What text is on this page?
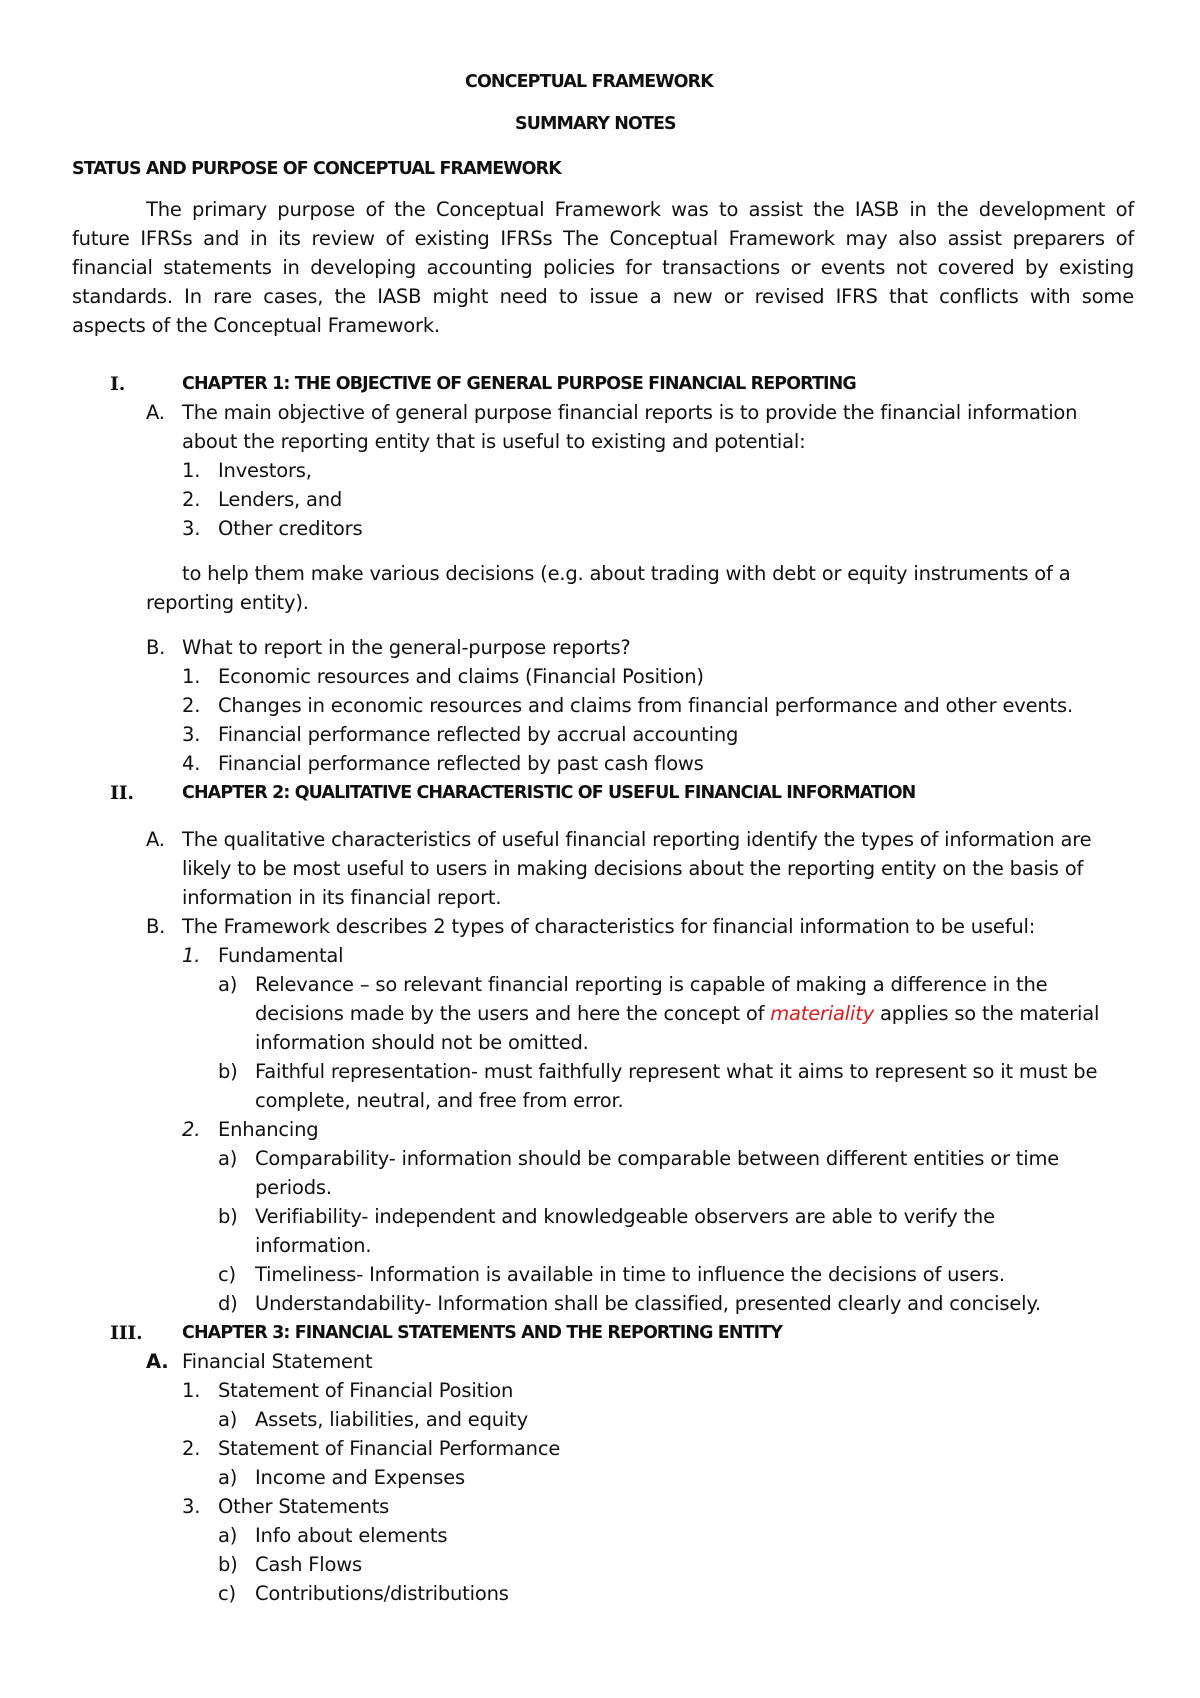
CONCEPTUAL FRAMEWORK
SUMMARY NOTES
STATUS AND PURPOSE OF CONCEPTUAL FRAMEWORK
The primary purpose of the Conceptual Framework was to assist the IASB in the development of
future IFRSs and in its review of existing IFRSs The Conceptual Framework may also assist preparers of
financial statements in developing accounting policies for transactions or events not covered by existing
standards. In rare cases, the IASB might need to issue a new or revised IFRS that conflicts with some
aspects of the Conceptual Framework.
I.	CHAPTER 1: THE OBJECTIVE OF GENERAL PURPOSE FINANCIAL REPORTING
A. The main objective of general purpose financial reports is to provide the financial information
about the reporting entity that is useful to existing and potential:
1. Investors,
2. Lenders, and
3. Other creditors
to help them make various decisions (e.g. about trading with debt or equity instruments of a
reporting entity).
B. What to report in the general-purpose reports?
1. Economic resources and claims (Financial Position)
2. Changes in economic resources and claims from financial performance and other events.
3. Financial performance reflected by accrual accounting
4. Financial performance reflected by past cash flows
II.	CHAPTER 2: QUALITATIVE CHARACTERISTIC OF USEFUL FINANCIAL INFORMATION
A. The qualitative characteristics of useful financial reporting identify the types of information are
likely to be most useful to users in making decisions about the reporting entity on the basis of
information in its financial report.
B. The Framework describes 2 types of characteristics for financial information to be useful:
1. Fundamental
a) Relevance – so relevant financial reporting is capable of making a difference in the
decisions made by the users and here the concept of materiality applies so the material
information should not be omitted.
b) Faithful representation- must faithfully represent what it aims to represent so it must be
complete, neutral, and free from error.
2. Enhancing
a) Comparability- information should be comparable between different entities or time
periods.
b) Verifiability- independent and knowledgeable observers are able to verify the
information.
c) Timeliness- Information is available in time to influence the decisions of users.
d) Understandability- Information shall be classified, presented clearly and concisely.
III. CHAPTER 3: FINANCIAL STATEMENTS AND THE REPORTING ENTITY
A. Financial Statement
1. Statement of Financial Position
a) Assets, liabilities, and equity
2. Statement of Financial Performance
a) Income and Expenses
3. Other Statements
a) Info about elements
b) Cash Flows
c) Contributions/distributions
